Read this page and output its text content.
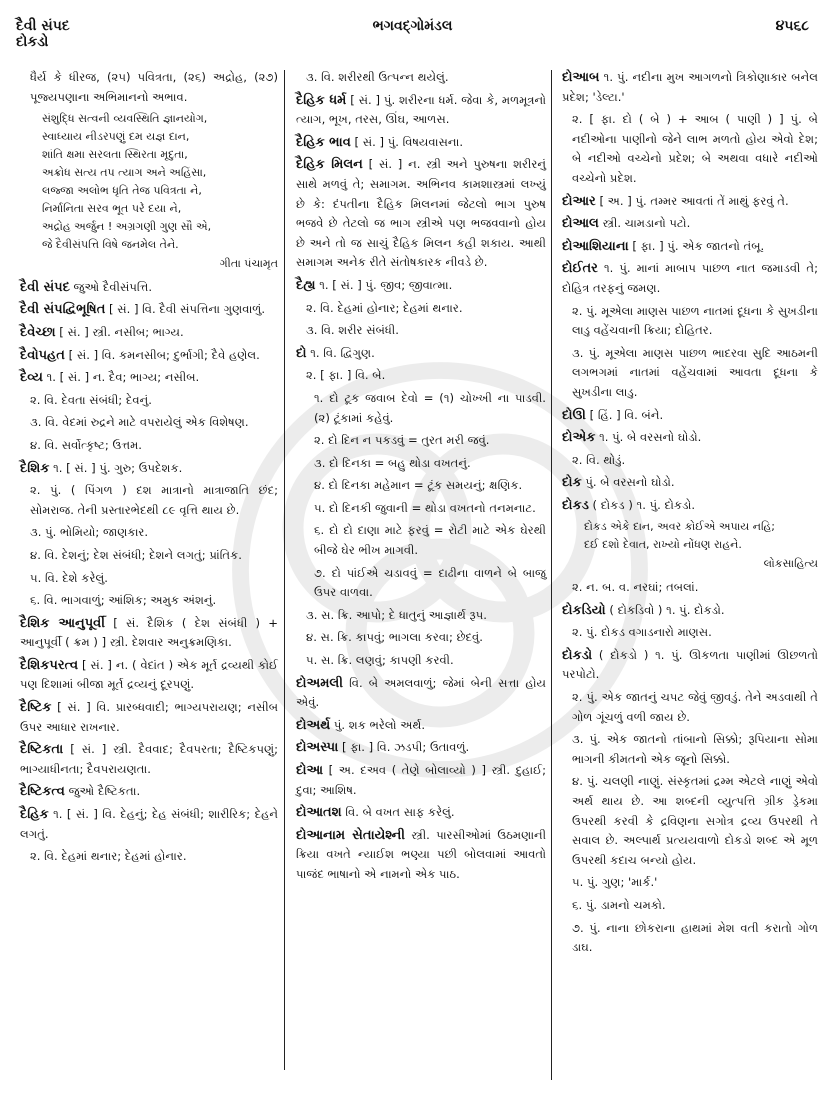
દૈવી સંપદ
દોકડો
ભગવદ્ગોમંડલ	૪૫૬૮
ધૈર્ય કે ધીરજ, (૨૫) પવિત્રતા, (૨૬) અદ્રોહ, (૨૭) પૂજ્યપણાના અભિમાનનો અભાવ.
સંશુદ્ધિ સત્વની વ્યવસ્થિતિ જ્ઞાનયોગ,
સ્વાધ્યાય નીડરપણું દમ યજ્ઞ દાન,
શાંતિ ક્ષમા સરલતા સ્થિરતા મૃદુતા,
અક્રોધ સત્ય તપ ત્યાગ અને અહિંસા,
લજ્જા અલોભ ધૃતિ તેજ પવિત્રતા ને,
નિર્માનિતા સરવ ભૂત પરે દયા ને,
અદ્રોહ અર્જુન ! અગ્રગણી ગુણ સૌ એ,
જે દૈવીસંપત્તિ વિષે જનમેલ તેને.
ગીતા પંચામૃત
દૈવી સંપદ જુઓ દૈવીસંપત્તિ.
દૈવી સંપદ્વિભૂષિત [ સં. ] વિ. દૈવી સંપત્તિના ગુણવાળું.
દૈવેચ્છા [ સં. ] સ્ત્રી. નસીબ; ભાગ્ય.
દૈવોપહત [ સં. ] વિ. કમનસીબ; દુર્ભાગી; દૈવે હણેલ.
દૈવ્ય ૧. [ સં. ] ન. દૈવ; ભાગ્ય; નસીબ.
૨. વિ. દેવતા સંબંધી; દેવનું.
૩. વિ. વેદમાં રુદ્રને માટે વપરાયેલું એક વિશેષણ.
૪. વિ. સર્વોત્કૃષ્ટ; ઉત્તમ.
દૈશિક ૧. [ સં. ] પું. ગુરુ; ઉપદેશક.
૨. પું. ( પિંગળ ) દશ માત્રાનો માત્રાજાતિ છંદ; સોમરાજ. તેની પ્રસ્તારભેદથી ૮૯ વૃત્તિ થાય છે.
૩. પું. ભોમિયો; જાણકાર.
૪. વિ. દેશનું; દેશ સંબંધી; દેશને લગતું; પ્રાંતિક.
૫. વિ. દેશે કરેલું.
૬. વિ. ભાગવાળું; આંશિક; અમુક અંશનું.
દૈશિક આનુપૂર્વી [ સં. દૈશિક ( દેશ સંબંધી ) + આનુપૂર્વી ( ક્રમ ) ] સ્ત્રી. દેશવાર અનુક્રમણિકા.
દૈશિકપરત્વ [ સં. ] ન. ( વેદાંત ) એક મૂર્ત દ્રવ્યથી કોઈ પણ દિશામાં બીજા મૂર્ત દ્રવ્યનું દૂરપણું.
દૈષ્ટિક [ સં. ] વિ. પ્રારબ્ધવાદી; ભાગ્યપરાયણ; નસીબ ઉપર આધાર રાખનાર.
દૈષ્ટિકતા [ સં. ] સ્ત્રી. દૈવવાદ; દૈવપરતા; દૈષ્ટિકપણું; ભાગ્યાધીનતા; દૈવપરાયણતા.
દૈષ્ટિકત્વ જુઓ દૈષ્ટિકતા.
દૈહિક ૧. [ સં. ] વિ. દેહનું; દેહ સંબંધી; શારીરિક; દેહને લગતું.
૨. વિ. દેહમાં થનાર; દેહમાં હોનાર.
૩. વિ. શરીરથી ઉત્પન્ન થયેલું.
દૈહિક ધર્મ [ સં. ] પું. શરીરના ધર્મ. જેવા કે, મળમૂત્રનો ત્યાગ, ભૂખ, તરસ, ઊંઘ, આળસ.
દૈહિક ભાવ [ સં. ] પું. વિષયવાસના.
દૈહિક મિલન [ સં. ] ન. સ્ત્રી અને પુરુષના શરીરનું સાથે મળવું તે; સમાગમ. અભિનવ કામશાસ્ત્રમાં લખ્યું છે કે: દંપતીના દૈહિક મિલનમાં જેટલો ભાગ પુરુષ ભજવે છે તેટલો જ ભાગ સ્ત્રીએ પણ ભજવવાનો હોય છે અને તો જ સાચું દૈહિક મિલન કહી શકાય. આથી સમાગમ અનેક રીતે સંતોષકારક નીવડે છે.
દૈહ્ય ૧. [ સં. ] પું. જીવ; જીવાત્મા.
૨. વિ. દેહમાં હોનાર; દેહમાં થનાર.
૩. વિ. શરીર સંબંધી.
દો ૧. વિ. દ્વિગુણ.
૨. [ ફા. ] વિ. બે.
૧. દો ટૂક જવાબ દેવો = (૧) ચોખ્ખી ના પાડવી. (૨) ટૂંકામાં કહેવું.
૨. દો દિન ન પકડવું = તુરત મરી જવું.
૩. દો દિનકા = બહુ થોડા વખતનું.
૪. દો દિનકા મહેમાન = ટૂંક સમયનું; ક્ષણિક.
૫. દો દિનકી જુવાની = થોડા વખતનો તનમનાટ.
૬. દો દો દાણા માટે ફરવું = રોટી માટે એક ઘેરથી બીજે ઘેર ભીખ માગવી.
૭. દો પાંઈએ ચડાવવું = દાઢીના વાળને બે બાજુ ઉપર વાળવા.
૩. સ. ક્રિ. આપો; દે ધાતુનું આજ્ઞાર્થ રૂપ.
૪. સ. ક્રિ. કાપવું; ભાગલા કરવા; છેદવું.
૫. સ. ક્રિ. લણવું; કાપણી કરવી.
દોઅમલી વિ. બે અમલવાળું; જેમાં બેની સત્તા હોય એવું.
દોઅર્થ પું. શક ભરેલો અર્થ.
દોઅસ્પા [ ફા. ] વિ. ઝડપી; ઉતાવળું.
દોઆ [ અ. દઅવ ( તેણે બોલાવ્યો ) ] સ્ત્રી. દુહાઈ; દુવા; આશિષ.
દોઆતશ વિ. બે વખત સાફ કરેલું.
દોઆનામ સેતાયેશ્ની સ્ત્રી. પારસીઓમાં ઉઠમણાની ક્રિયા વખતે ન્યાઈશ ભણ્યા પછી બોલવામાં આવતો પાજંદ ભાષાનો એ નામનો એક પાઠ.
દોઆબ ૧. પું. નદીના મુખ આગળનો ત્રિકોણાકાર બનેલ પ્રદેશ; 'ડેલ્ટા.'
૨. [ ફા. દો ( બે ) + આબ ( પાણી ) ] પું. બે નદીઓના પાણીનો જેને લાભ મળતો હોય એવો દેશ; બે નદીઓ વચ્ચેનો પ્રદેશ; બે અથવા વધારે નદીઓ વચ્ચેનો પ્રદેશ.
દોઆર [ અ. ] પું. તમ્મર આવતાં તેં માથું ફરવું તે.
દોઆલ સ્ત્રી. ચામડાનો પટો.
દોઆશિયાના [ ફા. ] પું. એક જાતનો તંબૂ.
દોઈતર ૧. પું. માનાં માબાપ પાછળ નાત જમાડવી તે; દોહિત્ર તરફનું જમણ.
૨. પું. મૂએલા માણસ પાછળ નાતમાં દૂધના કે સુખડીના લાડુ વહેંચવાની ક્રિયા; દોહિતર.
૩. પું. મૂએલા માણસ પાછળ ભાદરવા સુદિ આઠમની લગભગમાં નાતમાં વહેંચવામાં આવતા દૂધના કે સુખડીના લાડુ.
દોઊ [ હિં. ] વિ. બંને.
દોએક ૧. પું. બે વરસનો ઘોડો.
૨. વિ. થોડું.
દોક પું. બે વરસનો ઘોડો.
દોકડ ( દોકડ ) ૧. પું. દોકડો.
દોકડ એકે દાન, અવર કોઈએ અપાય નહિ;
દઈ દશો દેવાત, રાખ્યો નોંધણ રાહને.
લોકસાહિત્ય
૨. ન. બ. વ. નરઘાં; તબલાં.
દોકડિયો ( દોકડિવો ) ૧. પું. દોકડો.
૨. પું. દોકડ વગાડનારો માણસ.
દોકડો ( દોકડો ) ૧. પું. ઊકળતા પાણીમાં ઊછળતો પરપોટો.
૨. પું. એક જાતનું ચપટ જેવું જીવડું. તેને અડવાથી તે ગોળ ગૂંચળું વળી જાય છે.
૩. પું. એક જાતનો તાંબાનો સિક્કો; રૂપિયાના સોમા ભાગની કીમતનો એક જૂનો સિક્કો.
૪. પું. ચલણી નાણું. સંસ્કૃતમાં દ્રમ્મ એટલે નાણું એવો અર્થ થાય છે. આ શબ્દની વ્યુત્પત્તિ ગ્રીક ડ્રેકમા ઉપરથી કરવી કે દ્રવિણના સગોત્ર દ્રવ્ય ઉપરથી તે સવાલ છે. અલ્પાર્થ પ્રત્યયવાળો દોકડો શબ્દ એ મૂળ ઉપરથી કદાચ બન્યો હોય.
૫. પું. ગુણ; 'માર્ક.'
૬. પું. ડામનો ચમકો.
૭. પું. નાના છોકરાના હાથમાં મેશ વતી કરાતો ગોળ ડાઘ.
